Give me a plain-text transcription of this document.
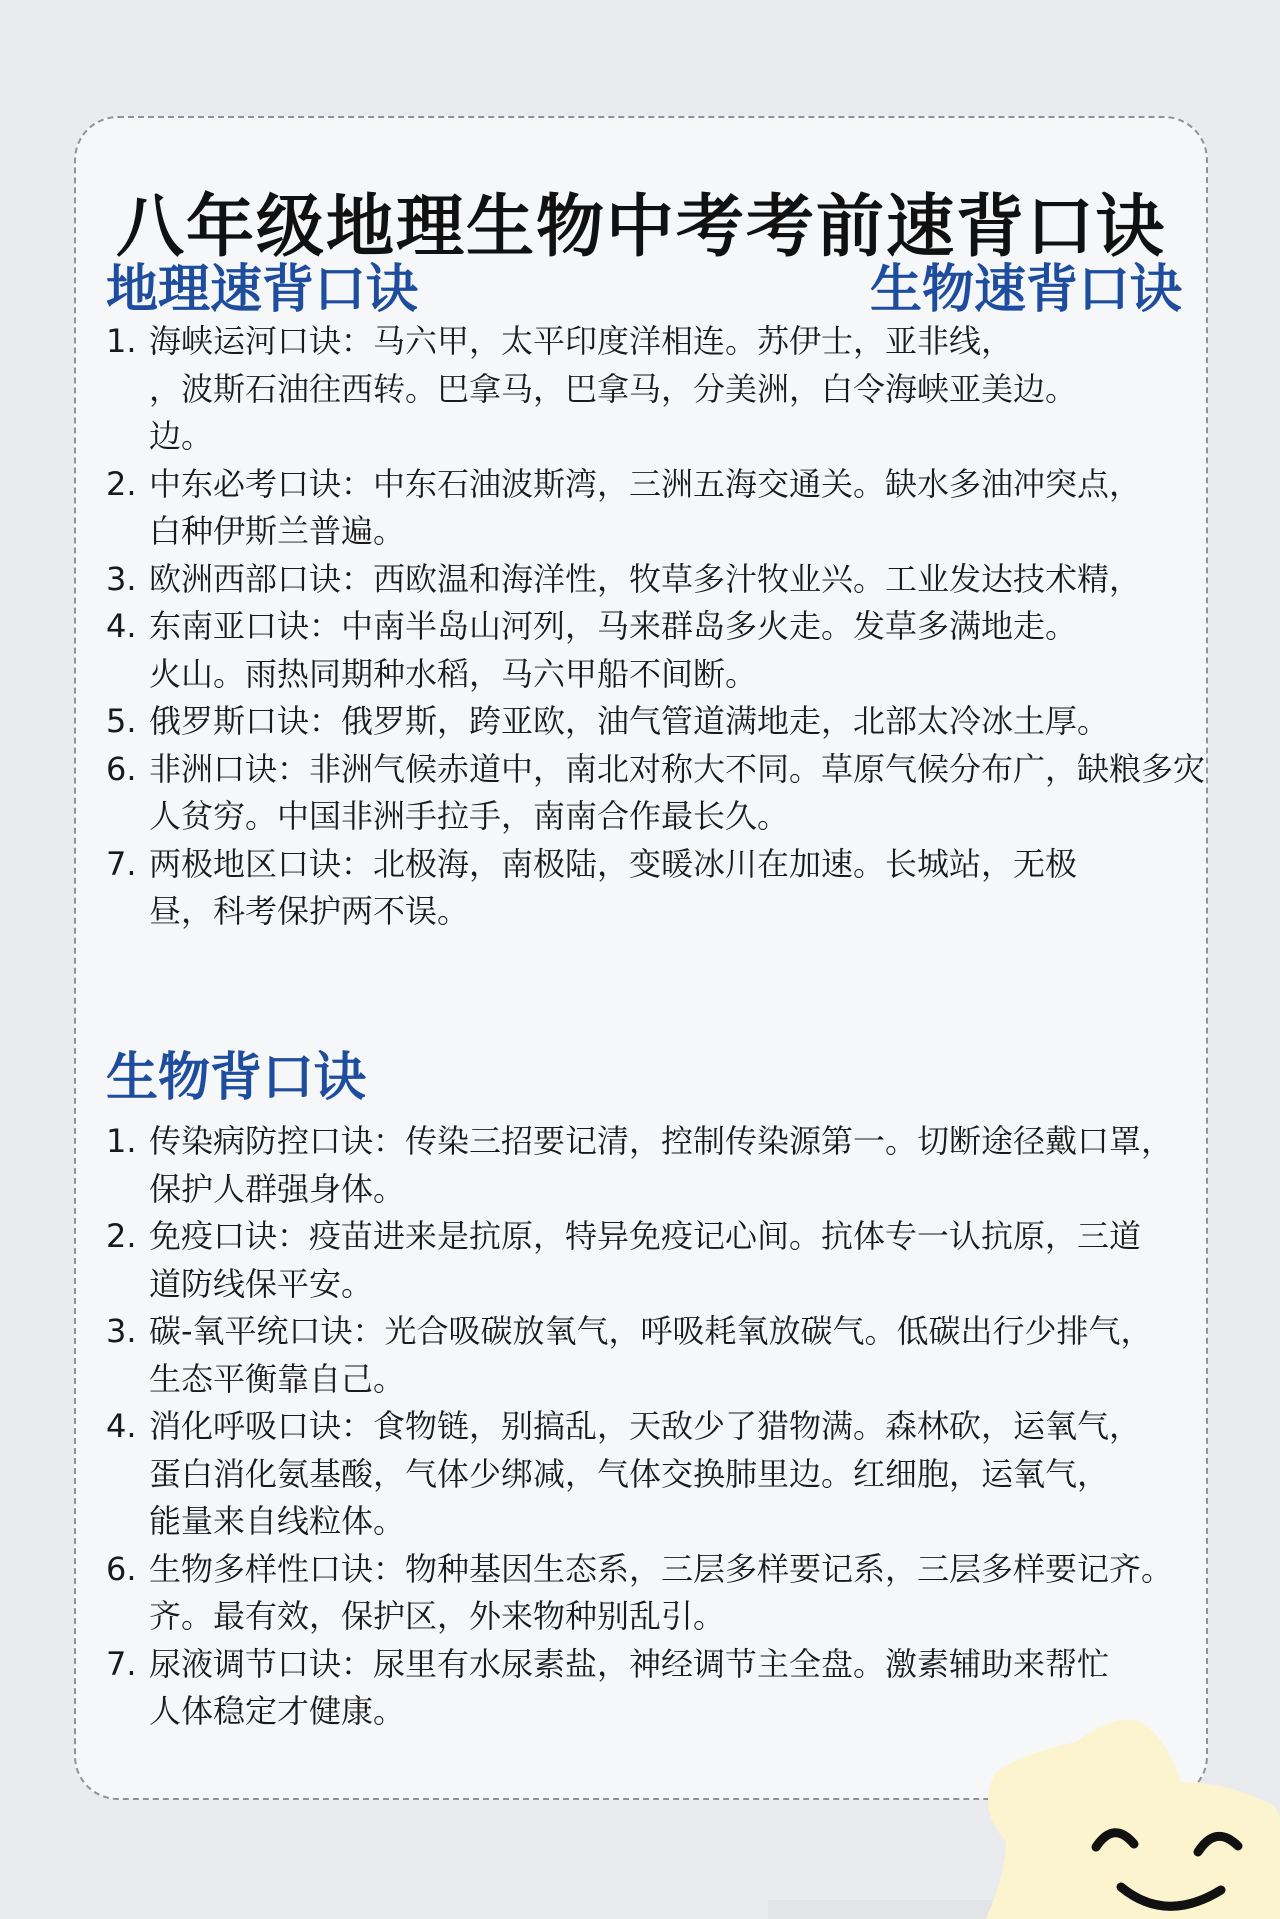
八年级地理生物中考考前速背口诀
地理速背口诀	生物速背口诀
1. 海峡运河口诀：马六甲，太平印度洋相连。苏伊士，亚非线，
，波斯石油往西转。巴拿马，巴拿马，分美洲，白令海峡亚美边。
边。
2. 中东必考口诀：中东石油波斯湾，三洲五海交通关。缺水多油冲突点，
白种伊斯兰普遍。
3. 欧洲西部口诀：西欧温和海洋性，牧草多汁牧业兴。工业发达技术精，
4. 东南亚口诀：中南半岛山河列，马来群岛多火走。发草多满地走。
火山。雨热同期种水稻，马六甲船不间断。
5. 俄罗斯口诀：俄罗斯，跨亚欧，油气管道满地走，北部太冷冰土厚。
6. 非洲口诀：非洲气候赤道中，南北对称大不同。草原气候分布广，缺粮多灾
人贫穷。中国非洲手拉手，南南合作最长久。
7. 两极地区口诀：北极海，南极陆，变暖冰川在加速。长城站，无极
昼，科考保护两不误。
生物背口诀
1. 传染病防控口诀：传染三招要记清，控制传染源第一。切断途径戴口罩，
保护人群强身体。
2. 免疫口诀：疫苗进来是抗原，特异免疫记心间。抗体专一认抗原，三道
道防线保平安。
3. 碳-氧平统口诀：光合吸碳放氧气，呼吸耗氧放碳气。低碳出行少排气，
生态平衡靠自己。
4. 消化呼吸口诀：食物链，别搞乱，天敌少了猎物满。森林砍，运氧气，
蛋白消化氨基酸，气体少绑减，气体交换肺里边。红细胞，运氧气，
能量来自线粒体。
6. 生物多样性口诀：物种基因生态系，三层多样要记系，三层多样要记齐。
齐。最有效，保护区，外来物种别乱引。
7. 尿液调节口诀：尿里有水尿素盐，神经调节主全盘。激素辅助来帮忙
人体稳定才健康。
